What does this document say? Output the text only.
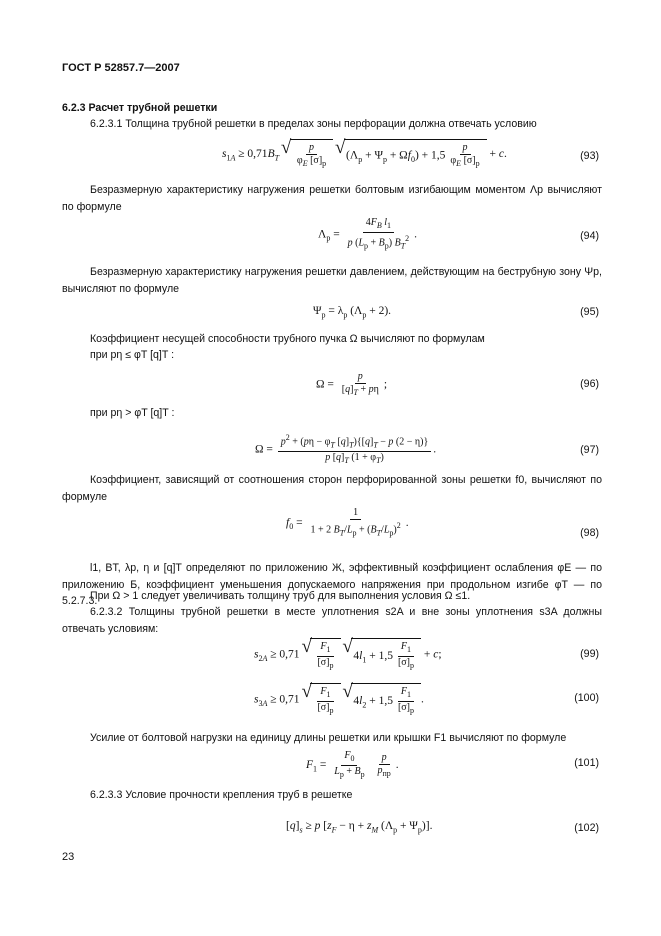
ГОСТ Р 52857.7—2007
6.2.3 Расчет трубной решетки
6.2.3.1 Толщина трубной решетки в пределах зоны перфорации должна отвечать условию
$s_{1A} \ge 0,71B_T$ √ $\frac{p}{\varphi_E [\sigma]_р}$ √ $(\Lambda_р + \Psi_р + \Omega f_0) + 1,5 \frac{p}{\varphi_E [\sigma]_р} + c$.	(93)
Безразмерную характеристику нагружения решетки болтовым изгибающим моментом Λp вычисляют по формуле
$\Lambda_р = \frac{4F_B l_1}{p (L_р + B_р) B_T^2}$ .	(94)
Безразмерную характеристику нагружения решетки давлением, действующим на беструбную зону Ψp, вычисляют по формуле
$\Psi_р = \lambda_р$ $(\Lambda_р + 2)$.	(95)
Коэффициент несущей способности трубного пучка Ω вычисляют по формулам
при pη ≤ φT [q]T :
$\Omega = \frac{p}{[q]_T + p\eta}$ ;	(96)
при pη > φT [q]T :
$\Omega = \frac{p^2 + (p\eta - \varphi_T [q]_T)\{[q]_T - p (2 - \eta)\}}{p [q]_T (1 + \varphi_T)}$ .	(97)
Коэффициент, зависящий от соотношения сторон перфорированной зоны решетки f0, вычисляют по формуле
$f_0 = \frac{1}{1 + 2 B_T/L_р + (B_T/L_р)^2}$ .
(98)
l1, BT, λp, η и [q]T определяют по приложению Ж, эффективный коэффициент ослабления φE — по приложению Б, коэффициент уменьшения допускаемого напряжения при продольном изгибе φT — по 5.2.7.3.
При Ω > 1 следует увеличивать толщину труб для выполнения условия Ω ≤1.
6.2.3.2 Толщины трубной решетки в месте уплотнения s2A и вне зоны уплотнения s3A должны отвечать условиям:
$s_{2A} \ge 0,71$ √ $\frac{F_1}{[\sigma]_р}$ √ $4l_1 + 1,5 \frac{F_1}{[\sigma]_р} + c$;	(99)
$s_{3A} \ge 0,71$ √ $\frac{F_1}{[\sigma]_р}$ √ $4l_2 + 1,5 \frac{F_1}{[\sigma]_р}$ .	(100)
Усилие от болтовой нагрузки на единицу длины решетки или крышки F1 вычисляют по формуле
$F_1 = \frac{F_0}{L_р + B_р}$
$\frac{p}{p_{пр}}$ .	(101)
6.2.3.3 Условие прочности крепления труб в решетке
$[q]_s \ge p$ [$z_F - \eta + z_M$ $(\Lambda_р + \Psi_р)$].	(102)
23
